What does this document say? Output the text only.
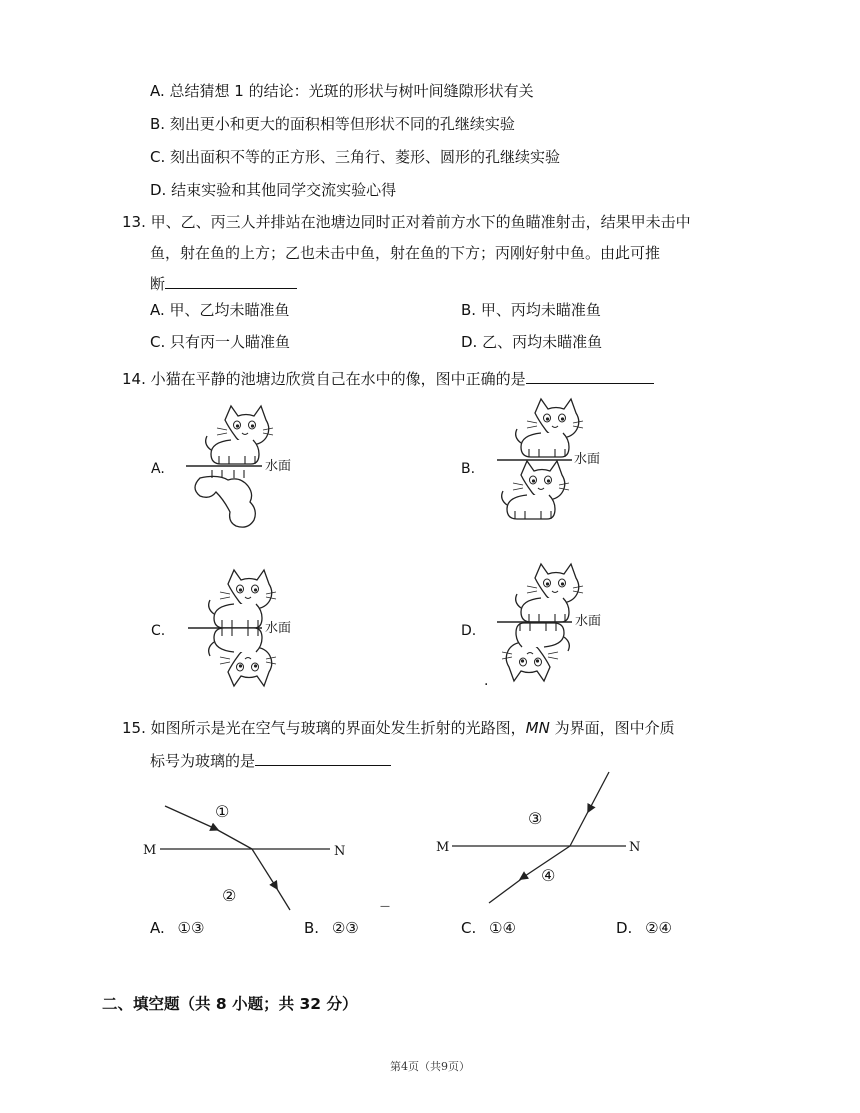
A. 总结猜想 1 的结论：光斑的形状与树叶间缝隙形状有关
B. 刻出更小和更大的面积相等但形状不同的孔继续实验
C. 刻出面积不等的正方形、三角行、菱形、圆形的孔继续实验
D. 结束实验和其他同学交流实验心得
13. 甲、乙、丙三人并排站在池塘边同时正对着前方水下的鱼瞄准射击，结果甲未击中
鱼，射在鱼的上方；乙也未击中鱼，射在鱼的下方；丙刚好射中鱼。由此可推
断
A. 甲、乙均未瞄准鱼	B. 甲、丙均未瞄准鱼
C. 只有丙一人瞄准鱼	D. 乙、丙均未瞄准鱼
14. 小猫在平静的池塘边欣赏自己在水中的像，图中正确的是
A.	B.
C.	D.
水面	水面
水面	水面
.
15. 如图所示是光在空气与玻璃的界面处发生折射的光路图，MN 为界面，图中介质
标号为玻璃的是
M	N
①
②
M	N
③
④
—
A. ①③	B. ②③	C. ①④	D. ②④
二、填空题（共 8 小题；共 32 分）
第4页（共9页）
